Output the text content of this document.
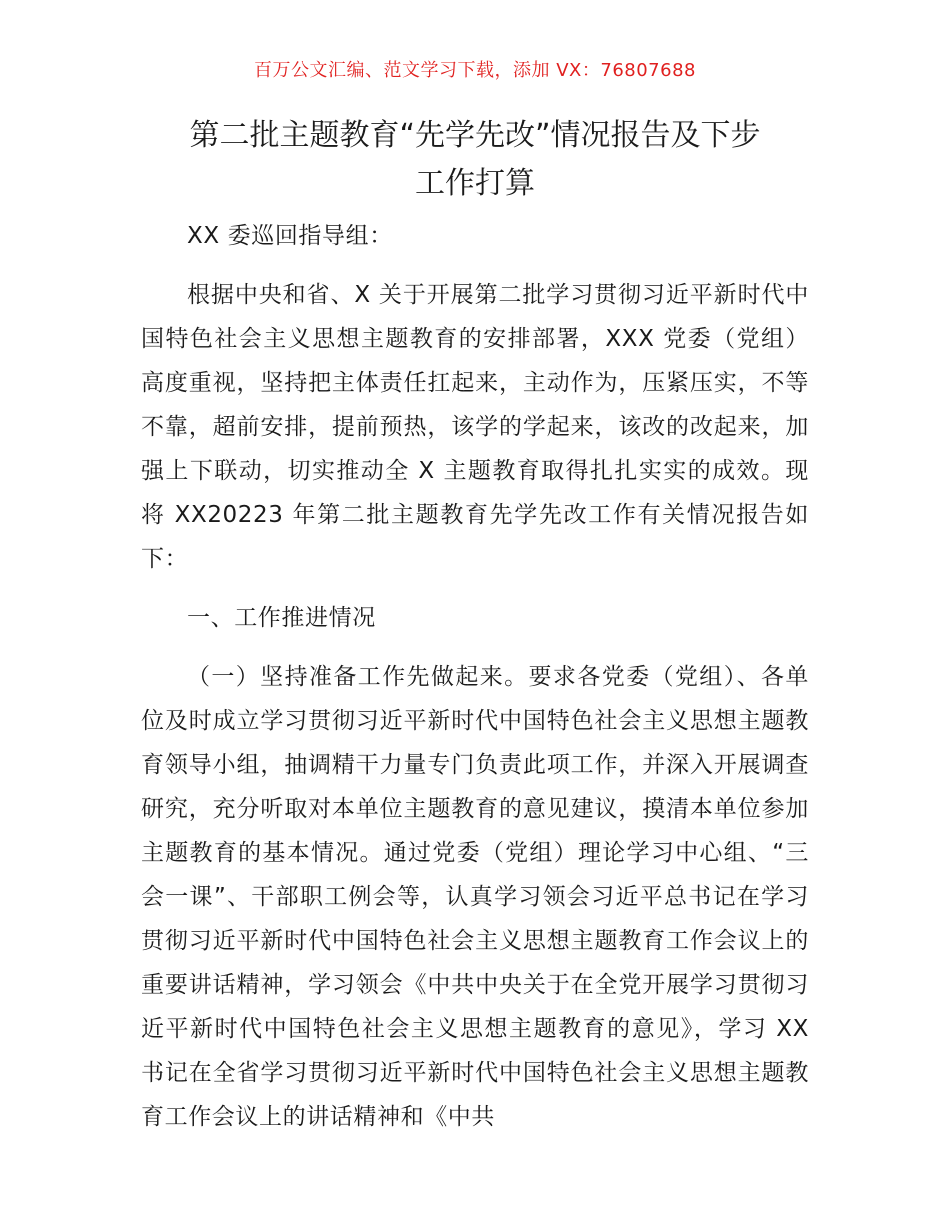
百万公文汇编、范文学习下载，添加 VX：76807688
第二批主题教育“先学先改”情况报告及下步
工作打算

XX 委巡回指导组：

根据中央和省、X 关于开展第二批学习贯彻习近平新时代中国特色社会主义思想主题教育的安排部署，XXX 党委（党组）高度重视，坚持把主体责任扛起来，主动作为，压紧压实，不等不靠，超前安排，提前预热，该学的学起来，该改的改起来，加强上下联动，切实推动全 X 主题教育取得扎扎实实的成效。现将 XX20223 年第二批主题教育先学先改工作有关情况报告如下：

一、工作推进情况

（一）坚持准备工作先做起来。要求各党委（党组）、各单位及时成立学习贯彻习近平新时代中国特色社会主义思想主题教育领导小组，抽调精干力量专门负责此项工作，并深入开展调查研究，充分听取对本单位主题教育的意见建议，摸清本单位参加主题教育的基本情况。通过党委（党组）理论学习中心组、“三会一课”、干部职工例会等，认真学习领会习近平总书记在学习贯彻习近平新时代中国特色社会主义思想主题教育工作会议上的重要讲话精神，学习领会《中共中央关于在全党开展学习贯彻习近平新时代中国特色社会主义思想主题教育的意见》，学习 XX 书记在全省学习贯彻习近平新时代中国特色社会主义思想主题教育工作会议上的讲话精神和《中共
